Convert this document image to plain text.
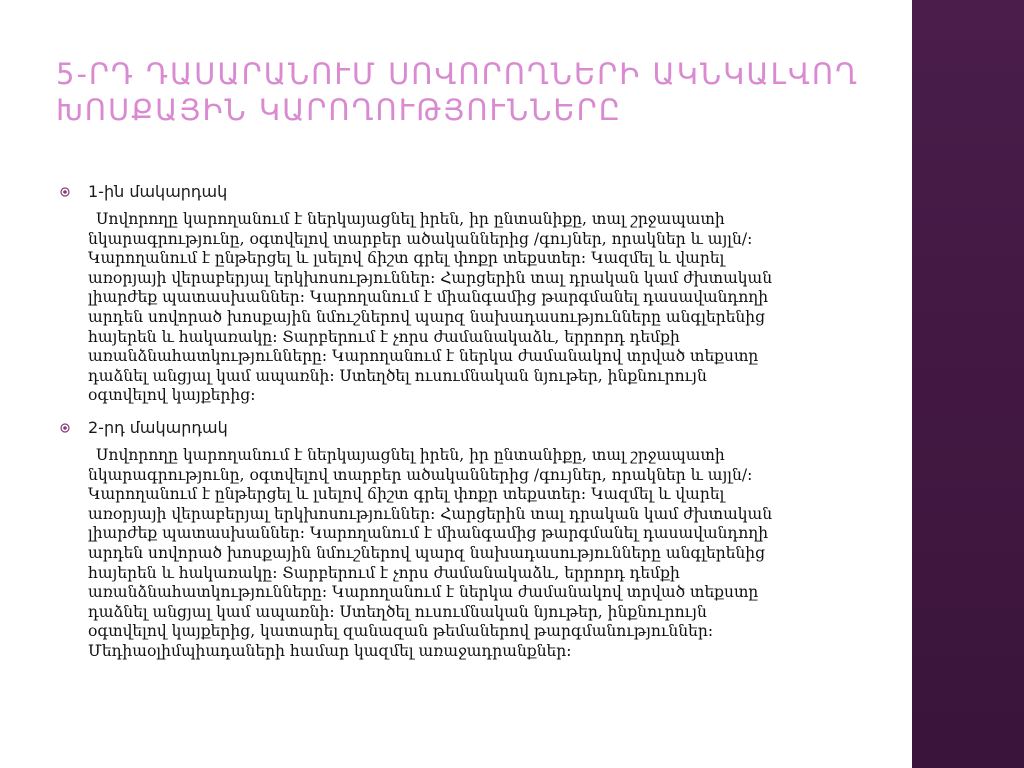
5-ՐԴ ԴԱՍԱՐԱՆՈՒՄ ՍՈՎՈՐՈՂՆԵՐԻ ԱԿՆԿԱԼՎՈՂ ԽՈՍՔԱՅԻՆ ԿԱՐՈՂՈՒԹՅՈՒՆՆԵՐԸ

1-ին մակարդակ

Սովորողը կարողանում է ներկայացնել իրեն, իր ընտանիքը, տալ շրջապատի
նկարագրությունը, օգտվելով տարբեր ածականներից /գույներ, որակներ և այլն/:
Կարողանում է ընթերցել և լսելով ճիշտ գրել փոքր տեքստեր: Կազմել և վարել
առօրյայի վերաբերյալ երկխոսություններ: Հարցերին տալ դրական կամ ժխտական
լիարժեք պատասխաններ: Կարողանում է միանգամից թարգմանել դասավանդողի
արդեն սովորած խոսքային նմուշներով պարզ նախադասությունները անգլերենից
հայերեն և հակառակը: Տարբերում է չորս ժամանակաձև, երրորդ դեմքի
առանձնահատկությունները: Կարողանում է ներկա ժամանակով տրված տեքստը
դաձնել անցյալ կամ ապառնի: Ստեղծել ուսումնական նյութեր, ինքնուրույն
օգտվելով կայքերից:

2-րդ մակարդակ

Սովորողը կարողանում է ներկայացնել իրեն, իր ընտանիքը, տալ շրջապատի
նկարագրությունը, օգտվելով տարբեր ածականներից /գույներ, որակներ և այլն/:
Կարողանում է ընթերցել և լսելով ճիշտ գրել փոքր տեքստեր: Կազմել և վարել
առօրյայի վերաբերյալ երկխոսություններ: Հարցերին տալ դրական կամ ժխտական
լիարժեք պատասխաններ: Կարողանում է միանգամից թարգմանել դասավանդողի
արդեն սովորած խոսքային նմուշներով պարզ նախադասությունները անգլերենից
հայերեն և հակառակը: Տարբերում է չորս ժամանակաձև, երրորդ դեմքի
առանձնահատկությունները: Կարողանում է ներկա ժամանակով տրված տեքստը
դաձնել անցյալ կամ ապառնի: Ստեղծել ուսումնական նյութեր, ինքնուրույն
օգտվելով կայքերից, կատարել զանազան թեմաներով թարգմանություններ:
Մեդիաօլիմպիադաների համար կազմել առաջադրանքներ:
